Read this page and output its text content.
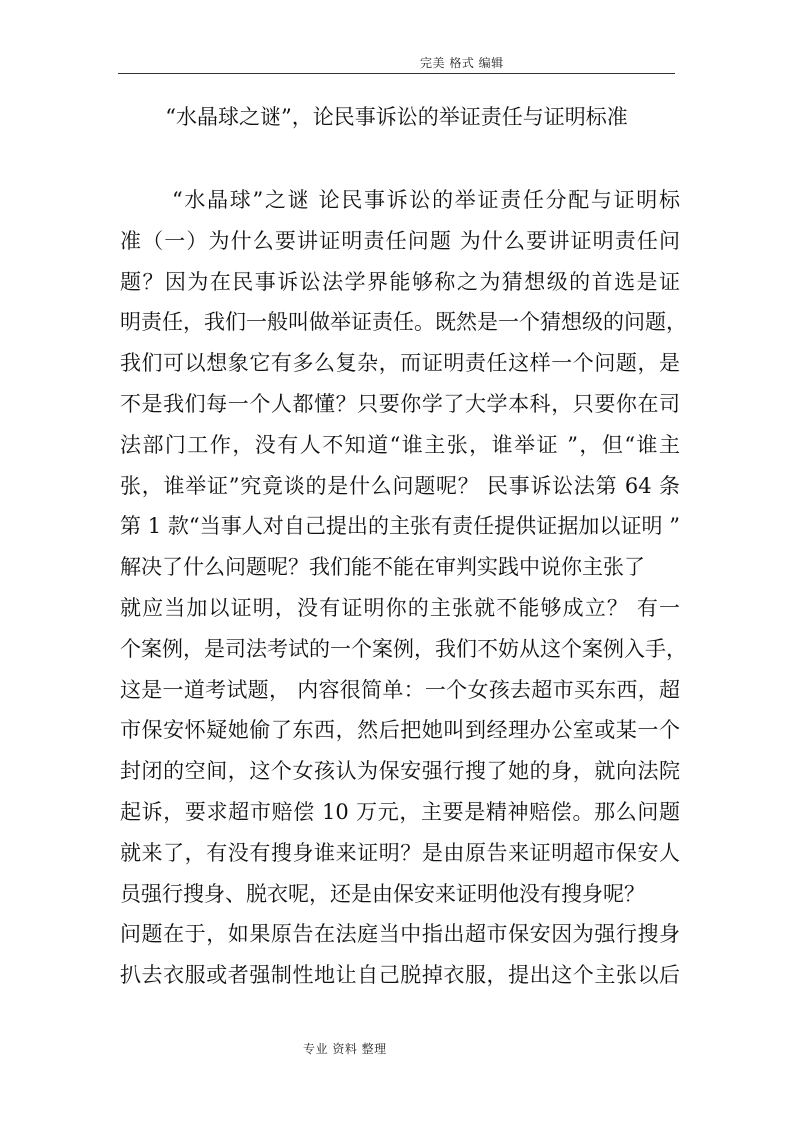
完美 格式 编辑
“水晶球之谜”，论民事诉讼的举证责任与证明标准
“水晶球”之谜 论民事诉讼的举证责任分配与证明标
准（一）为什么要讲证明责任问题 为什么要讲证明责任问
题？因为在民事诉讼法学界能够称之为猜想级的首选是证
明责任，我们一般叫做举证责任。既然是一个猜想级的问题，
我们可以想象它有多么复杂，而证明责任这样一个问题，是
不是我们每一个人都懂？只要你学了大学本科，只要你在司
法部门工作，没有人不知道“谁主张，谁举证 ”，但“谁主
张，谁举证”究竟谈的是什么问题呢？ 民事诉讼法第 64 条
第 1 款“当事人对自己提出的主张有责任提供证据加以证明 ”
解决了什么问题呢？我们能不能在审判实践中说你主张了
就应当加以证明，没有证明你的主张就不能够成立？ 有一
个案例，是司法考试的一个案例，我们不妨从这个案例入手，
这是一道考试题， 内容很简单：一个女孩去超市买东西，超
市保安怀疑她偷了东西，然后把她叫到经理办公室或某一个
封闭的空间，这个女孩认为保安强行搜了她的身，就向法院
起诉，要求超市赔偿 10 万元，主要是精神赔偿。那么问题
就来了，有没有搜身谁来证明？是由原告来证明超市保安人
员强行搜身、脱衣呢，还是由保安来证明他没有搜身呢？
问题在于，如果原告在法庭当中指出超市保安因为强行搜身
扒去衣服或者强制性地让自己脱掉衣服，提出这个主张以后
专业 资料 整理
